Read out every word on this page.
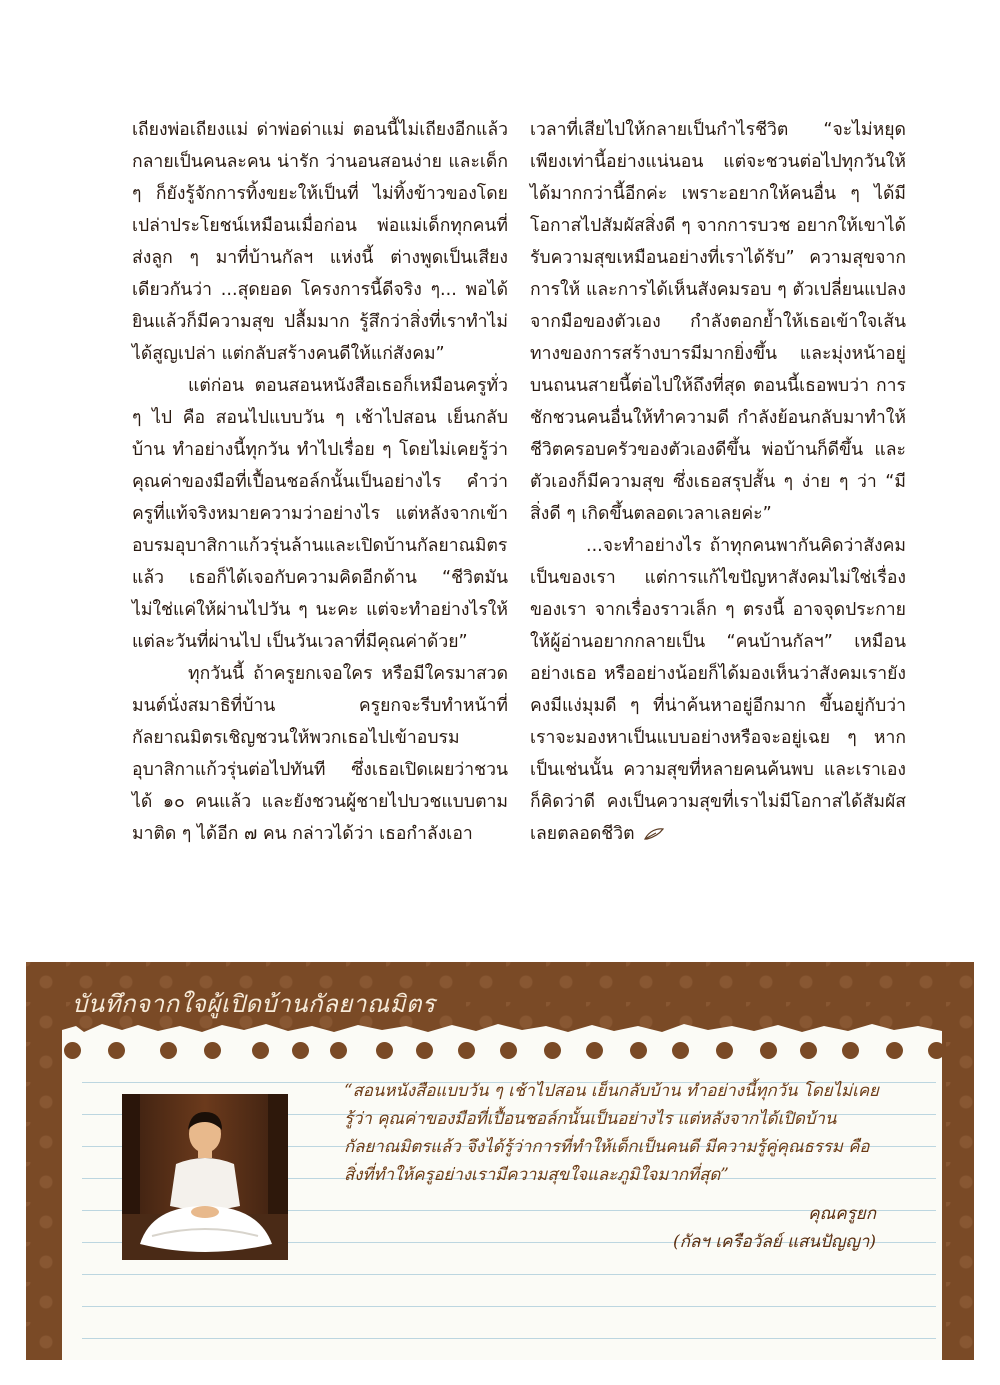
เถียงพ่อเถียงแม่ ด่าพ่อด่าแม่ ตอนนี้ไม่เถียงอีกแล้ว กลายเป็นคนละคน น่ารัก ว่านอนสอนง่าย และเด็ก ๆ ก็ยังรู้จักการทิ้งขยะให้เป็นที่ ไม่ทิ้งข้าวของโดยเปล่าประโยชน์เหมือนเมื่อก่อน พ่อแม่เด็กทุกคนที่ส่งลูก ๆ มาที่บ้านกัลฯ แห่งนี้ ต่างพูดเป็นเสียงเดียวกันว่า ...สุดยอด โครงการนี้ดีจริง ๆ... พอได้ยินแล้วก็มีความสุข ปลื้มมาก รู้สึกว่าสิ่งที่เราทำไม่ได้สูญเปล่า แต่กลับสร้างคนดีให้แก่สังคม”

แต่ก่อน ตอนสอนหนังสือเธอก็เหมือนครูทั่ว ๆ ไป คือ สอนไปแบบวัน ๆ เช้าไปสอน เย็นกลับบ้าน ทำอย่างนี้ทุกวัน ทำไปเรื่อย ๆ โดยไม่เคยรู้ว่า คุณค่าของมือที่เปื้อนชอล์กนั้นเป็นอย่างไร คำว่าครูที่แท้จริงหมายความว่าอย่างไร แต่หลังจากเข้าอบรมอุบาสิกาแก้วรุ่นล้านและเปิดบ้านกัลยาณมิตรแล้ว เธอก็ได้เจอกับความคิดอีกด้าน “ชีวิตมันไม่ใช่แค่ให้ผ่านไปวัน ๆ นะคะ แต่จะทำอย่างไรให้แต่ละวันที่ผ่านไป เป็นวันเวลาที่มีคุณค่าด้วย”

ทุกวันนี้ ถ้าครูยกเจอใคร หรือมีใครมาสวดมนต์นั่งสมาธิที่บ้าน ครูยกจะรีบทำหน้าที่กัลยาณมิตรเชิญชวนให้พวกเธอไปเข้าอบรมอุบาสิกาแก้วรุ่นต่อไปทันที ซึ่งเธอเปิดเผยว่าชวนได้ ๑๐ คนแล้ว และยังชวนผู้ชายไปบวชแบบตามมาติด ๆ ได้อีก ๗ คน กล่าวได้ว่า เธอกำลังเอา

เวลาที่เสียไปให้กลายเป็นกำไรชีวิต “จะไม่หยุดเพียงเท่านี้อย่างแน่นอน แต่จะชวนต่อไปทุกวันให้ได้มากกว่านี้อีกค่ะ เพราะอยากให้คนอื่น ๆ ได้มีโอกาสไปสัมผัสสิ่งดี ๆ จากการบวช อยากให้เขาได้รับความสุขเหมือนอย่างที่เราได้รับ” ความสุขจากการให้ และการได้เห็นสังคมรอบ ๆ ตัวเปลี่ยนแปลงจากมือของตัวเอง กำลังตอกย้ำให้เธอเข้าใจเส้นทางของการสร้างบารมีมากยิ่งขึ้น และมุ่งหน้าอยู่บนถนนสายนี้ต่อไปให้ถึงที่สุด ตอนนี้เธอพบว่า การชักชวนคนอื่นให้ทำความดี กำลังย้อนกลับมาทำให้ชีวิตครอบครัวของตัวเองดีขึ้น พ่อบ้านก็ดีขึ้น และตัวเองก็มีความสุข ซึ่งเธอสรุปสั้น ๆ ง่าย ๆ ว่า “มีสิ่งดี ๆ เกิดขึ้นตลอดเวลาเลยค่ะ”

...จะทำอย่างไร ถ้าทุกคนพากันคิดว่าสังคมเป็นของเรา แต่การแก้ไขปัญหาสังคมไม่ใช่เรื่องของเรา จากเรื่องราวเล็ก ๆ ตรงนี้ อาจจุดประกายให้ผู้อ่านอยากกลายเป็น “คนบ้านกัลฯ” เหมือนอย่างเธอ หรืออย่างน้อยก็ได้มองเห็นว่าสังคมเรายังคงมีแง่มุมดี ๆ ที่น่าค้นหาอยู่อีกมาก ขึ้นอยู่กับว่าเราจะมองหาเป็นแบบอย่างหรือจะอยู่เฉย ๆ หากเป็นเช่นนั้น ความสุขที่หลายคนค้นพบ และเราเองก็คิดว่าดี คงเป็นความสุขที่เราไม่มีโอกาสได้สัมผัสเลยตลอดชีวิต

บันทึกจากใจผู้เปิดบ้านกัลยาณมิตร

“สอนหนังสือแบบวัน ๆ เช้าไปสอน เย็นกลับบ้าน ทำอย่างนี้ทุกวัน โดยไม่เคยรู้ว่า คุณค่าของมือที่เปื้อนชอล์กนั้นเป็นอย่างไร แต่หลังจากได้เปิดบ้านกัลยาณมิตรแล้ว จึงได้รู้ว่าการที่ทำให้เด็กเป็นคนดี มีความรู้คู่คุณธรรม คือสิ่งที่ทำให้ครูอย่างเรามีความสุขใจและภูมิใจมากที่สุด”

คุณครูยก

(กัลฯ เครือวัลย์ แสนปัญญา)
